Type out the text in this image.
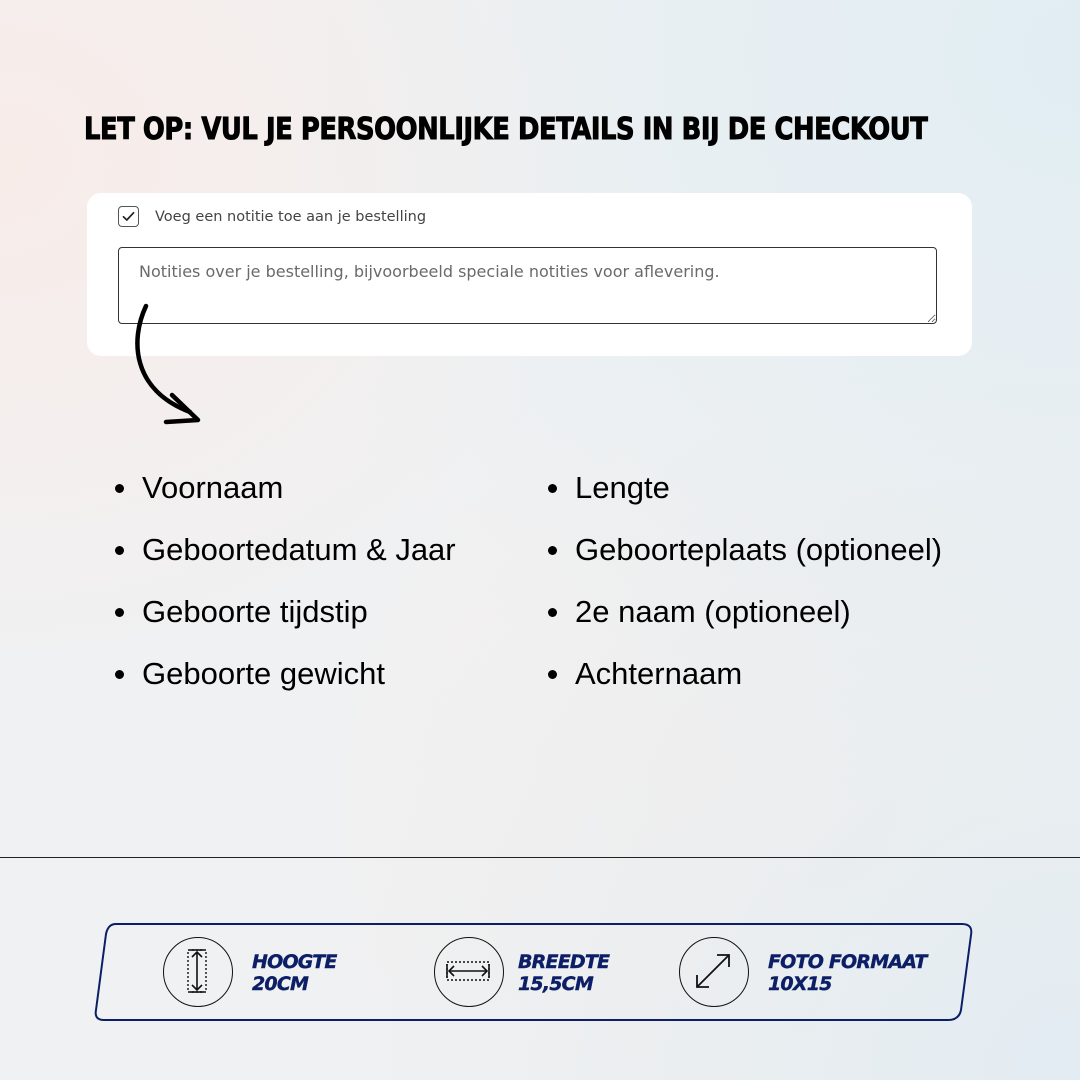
LET OP: VUL JE PERSOONLIJKE DETAILS IN BIJ DE CHECKOUT
Voeg een notitie toe aan je bestelling
Notities over je bestelling, bijvoorbeeld speciale notities voor aflevering.
Voornaam
Geboortedatum & Jaar
Geboorte tijdstip
Geboorte gewicht
Lengte
Geboorteplaats (optioneel)
2e naam (optioneel)
Achternaam
HOOGTE
20CM
BREEDTE
15,5CM
FOTO FORMAAT
10X15
